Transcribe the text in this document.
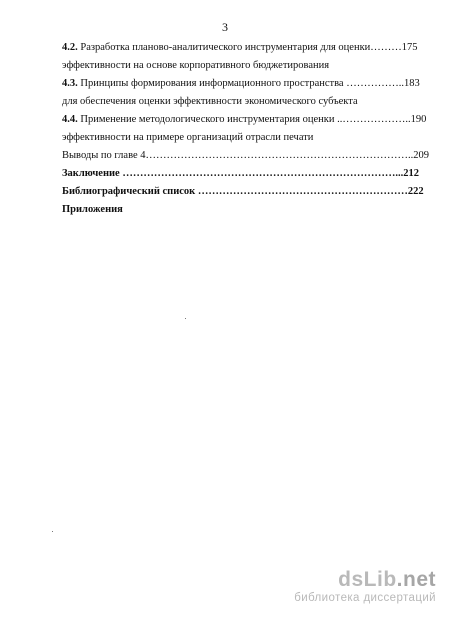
3
4.2. Разработка планово-аналитического инструментария для оценки………175
эффективности на основе корпоративного бюджетирования
4.3. Принципы формирования информационного пространства ……………..183
для обеспечения оценки эффективности экономического субъекта
4.4. Применение методологического инструментария оценки ..………………..190
эффективности на примере организаций отрасли печати
Выводы по главе 4…………………………………………………………………..209
Заключение ……………………………………………………………………...212
Библиографический список ……………………………………………………222
Приложения
dsLib.net
библиотека диссертаций
